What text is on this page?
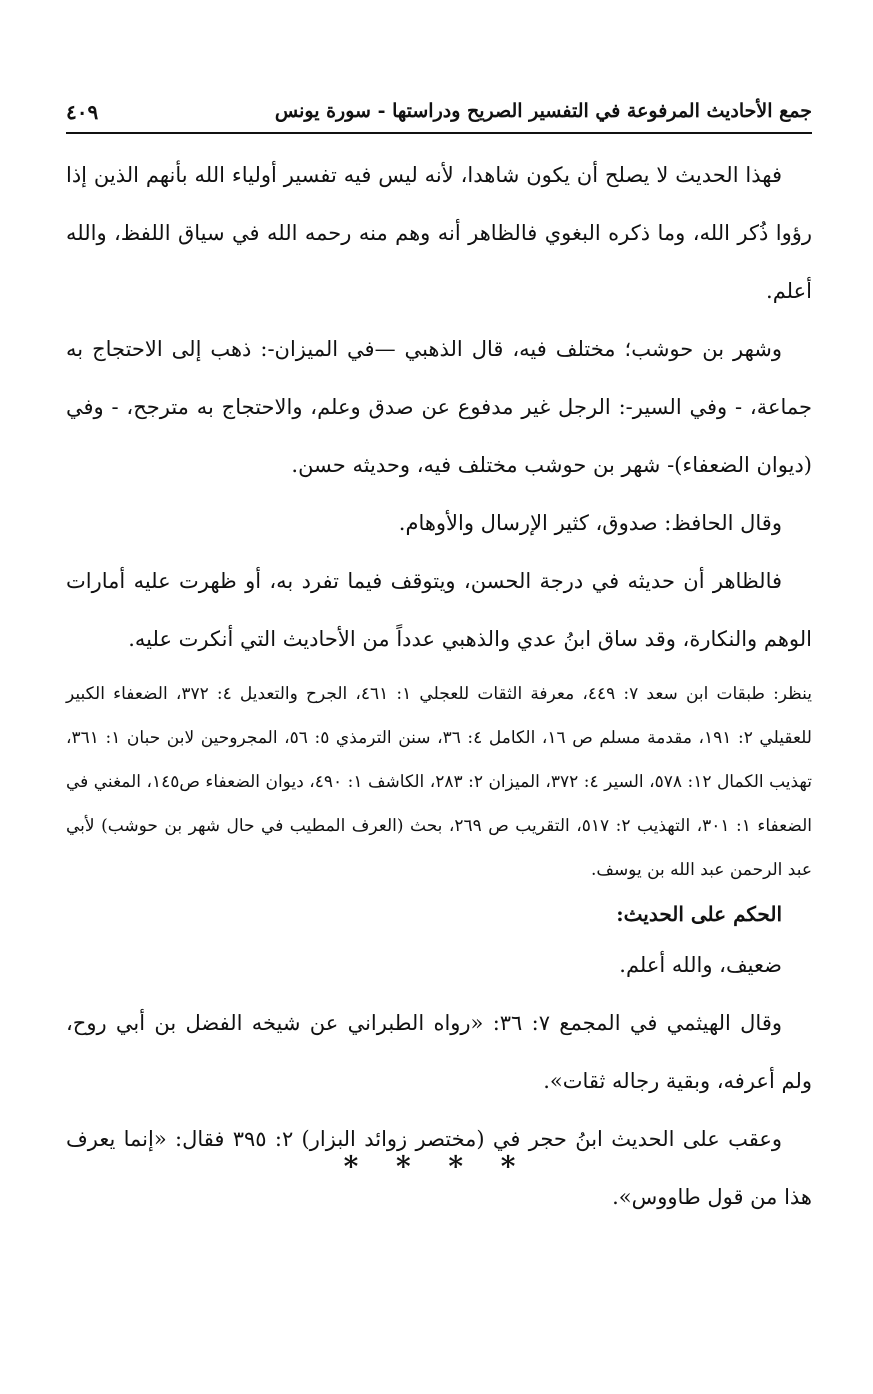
جمع الأحاديث المرفوعة في التفسير الصريح ودراستها - سورة يونس
٤٠٩

فهذا الحديث لا يصلح أن يكون شاهدا، لأنه ليس فيه تفسير أولياء الله بأنهم الذين إذا رؤوا ذُكر الله، وما ذكره البغوي فالظاهر أنه وهم منه رحمه الله في سياق اللفظ، والله أعلم.

وشهر بن حوشب؛ مختلف فيه، قال الذهبي —في الميزان-: ذهب إلى الاحتجاج به جماعة، - وفي السير-: الرجل غير مدفوع عن صدق وعلم، والاحتجاج به مترجح، - وفي (ديوان الضعفاء)- شهر بن حوشب مختلف فيه، وحديثه حسن.

وقال الحافظ: صدوق، كثير الإرسال والأوهام.

فالظاهر أن حديثه في درجة الحسن، ويتوقف فيما تفرد به، أو ظهرت عليه أمارات الوهم والنكارة، وقد ساق ابنُ عدي والذهبي عدداً من الأحاديث التي أنكرت عليه.

ينظر: طبقات ابن سعد ٧: ٤٤٩، معرفة الثقات للعجلي ١: ٤٦١، الجرح والتعديل ٤: ٣٧٢، الضعفاء الكبير للعقيلي ٢: ١٩١، مقدمة مسلم ص ١٦، الكامل ٤: ٣٦، سنن الترمذي ٥: ٥٦، المجروحين لابن حبان ١: ٣٦١، تهذيب الكمال ١٢: ٥٧٨، السير ٤: ٣٧٢، الميزان ٢: ٢٨٣، الكاشف ١: ٤٩٠، ديوان الضعفاء ص١٤٥، المغني في الضعفاء ١: ٣٠١، التهذيب ٢: ٥١٧، التقريب ص ٢٦٩، بحث (العرف المطيب في حال شهر بن حوشب) لأبي عبد الرحمن عبد الله بن يوسف.

الحكم على الحديث:

ضعيف، والله أعلم.

وقال الهيثمي في المجمع ٧: ٣٦: «رواه الطبراني عن شيخه الفضل بن أبي روح، ولم أعرفه، وبقية رجاله ثقات».

وعقب على الحديث ابنُ حجر في (مختصر زوائد البزار) ٢: ٣٩٥ فقال: «إنما يعرف هذا من قول طاووس».

* * * *
